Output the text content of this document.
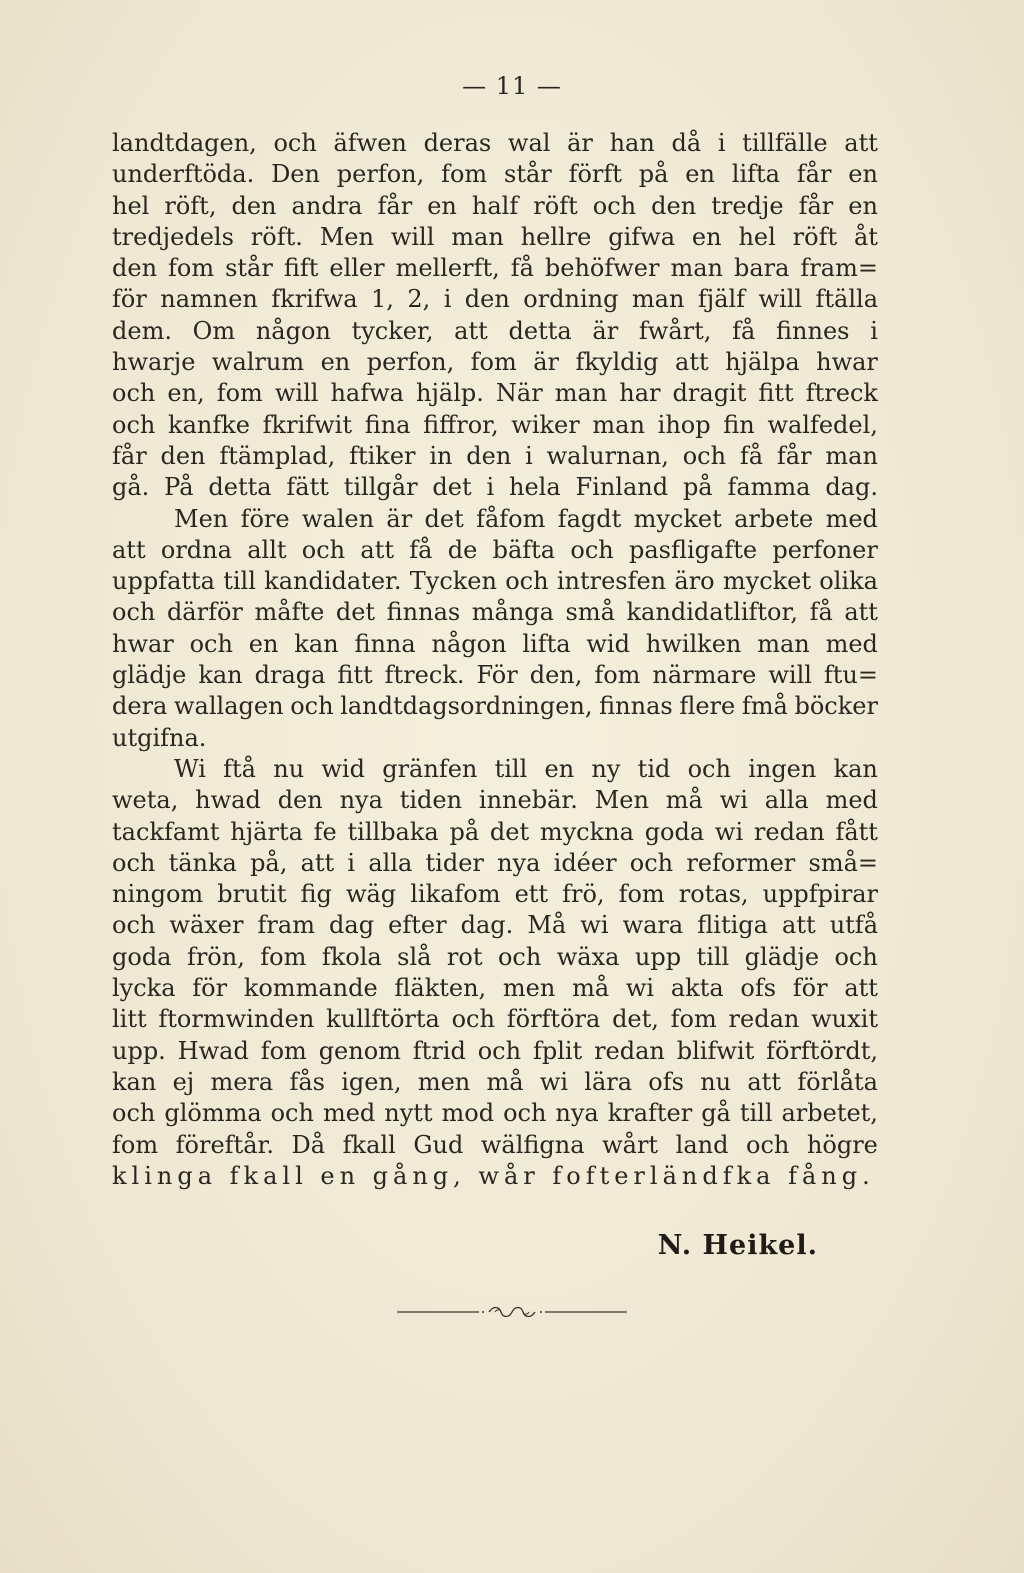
— 11 —
landtdagen, och äfwen deras wal är han då i tillfälle att
underftöda. Den perfon, fom står förft på en lifta får en
hel röft, den andra får en half röft och den tredje får en
tredjedels röft. Men will man hellre gifwa en hel röft åt
den fom står fift eller mellerft, få behöfwer man bara fram=
för namnen fkrifwa 1, 2, i den ordning man fjälf will ftälla
dem. Om någon tycker, att detta är fwårt, få finnes i
hwarje walrum en perfon, fom är fkyldig att hjälpa hwar
och en, fom will hafwa hjälp. När man har dragit fitt ftreck
och kanfke fkrifwit fina fiffror, wiker man ihop fin walfedel,
får den ftämplad, ftiker in den i walurnan, och få får man
gå. På detta fätt tillgår det i hela Finland på famma dag.
Men före walen är det fåfom fagdt mycket arbete med
att ordna allt och att få de bäfta och pasfligafte perfoner
uppfatta till kandidater. Tycken och intresfen äro mycket olika
och därför måfte det finnas många små kandidatliftor, få att
hwar och en kan finna någon lifta wid hwilken man med
glädje kan draga fitt ftreck. För den, fom närmare will ftu=
dera wallagen och landtdagsordningen, finnas flere fmå böcker
utgifna.
Wi ftå nu wid gränfen till en ny tid och ingen kan
weta, hwad den nya tiden innebär. Men må wi alla med
tackfamt hjärta fe tillbaka på det myckna goda wi redan fått
och tänka på, att i alla tider nya idéer och reformer små=
ningom brutit fig wäg likafom ett frö, fom rotas, uppfpirar
och wäxer fram dag efter dag. Må wi wara flitiga att utfå
goda frön, fom fkola slå rot och wäxa upp till glädje och
lycka för kommande fläkten, men må wi akta ofs för att
litt ftormwinden kullftörta och förftöra det, fom redan wuxit
upp. Hwad fom genom ftrid och fplit redan blifwit förftördt,
kan ej mera fås igen, men må wi lära ofs nu att förlåta
och glömma och med nytt mod och nya krafter gå till arbetet,
fom föreftår. Då fkall Gud wälfigna wårt land och högre
klinga fkall en gång, wår fofterländfka fång.
N. Heikel.
